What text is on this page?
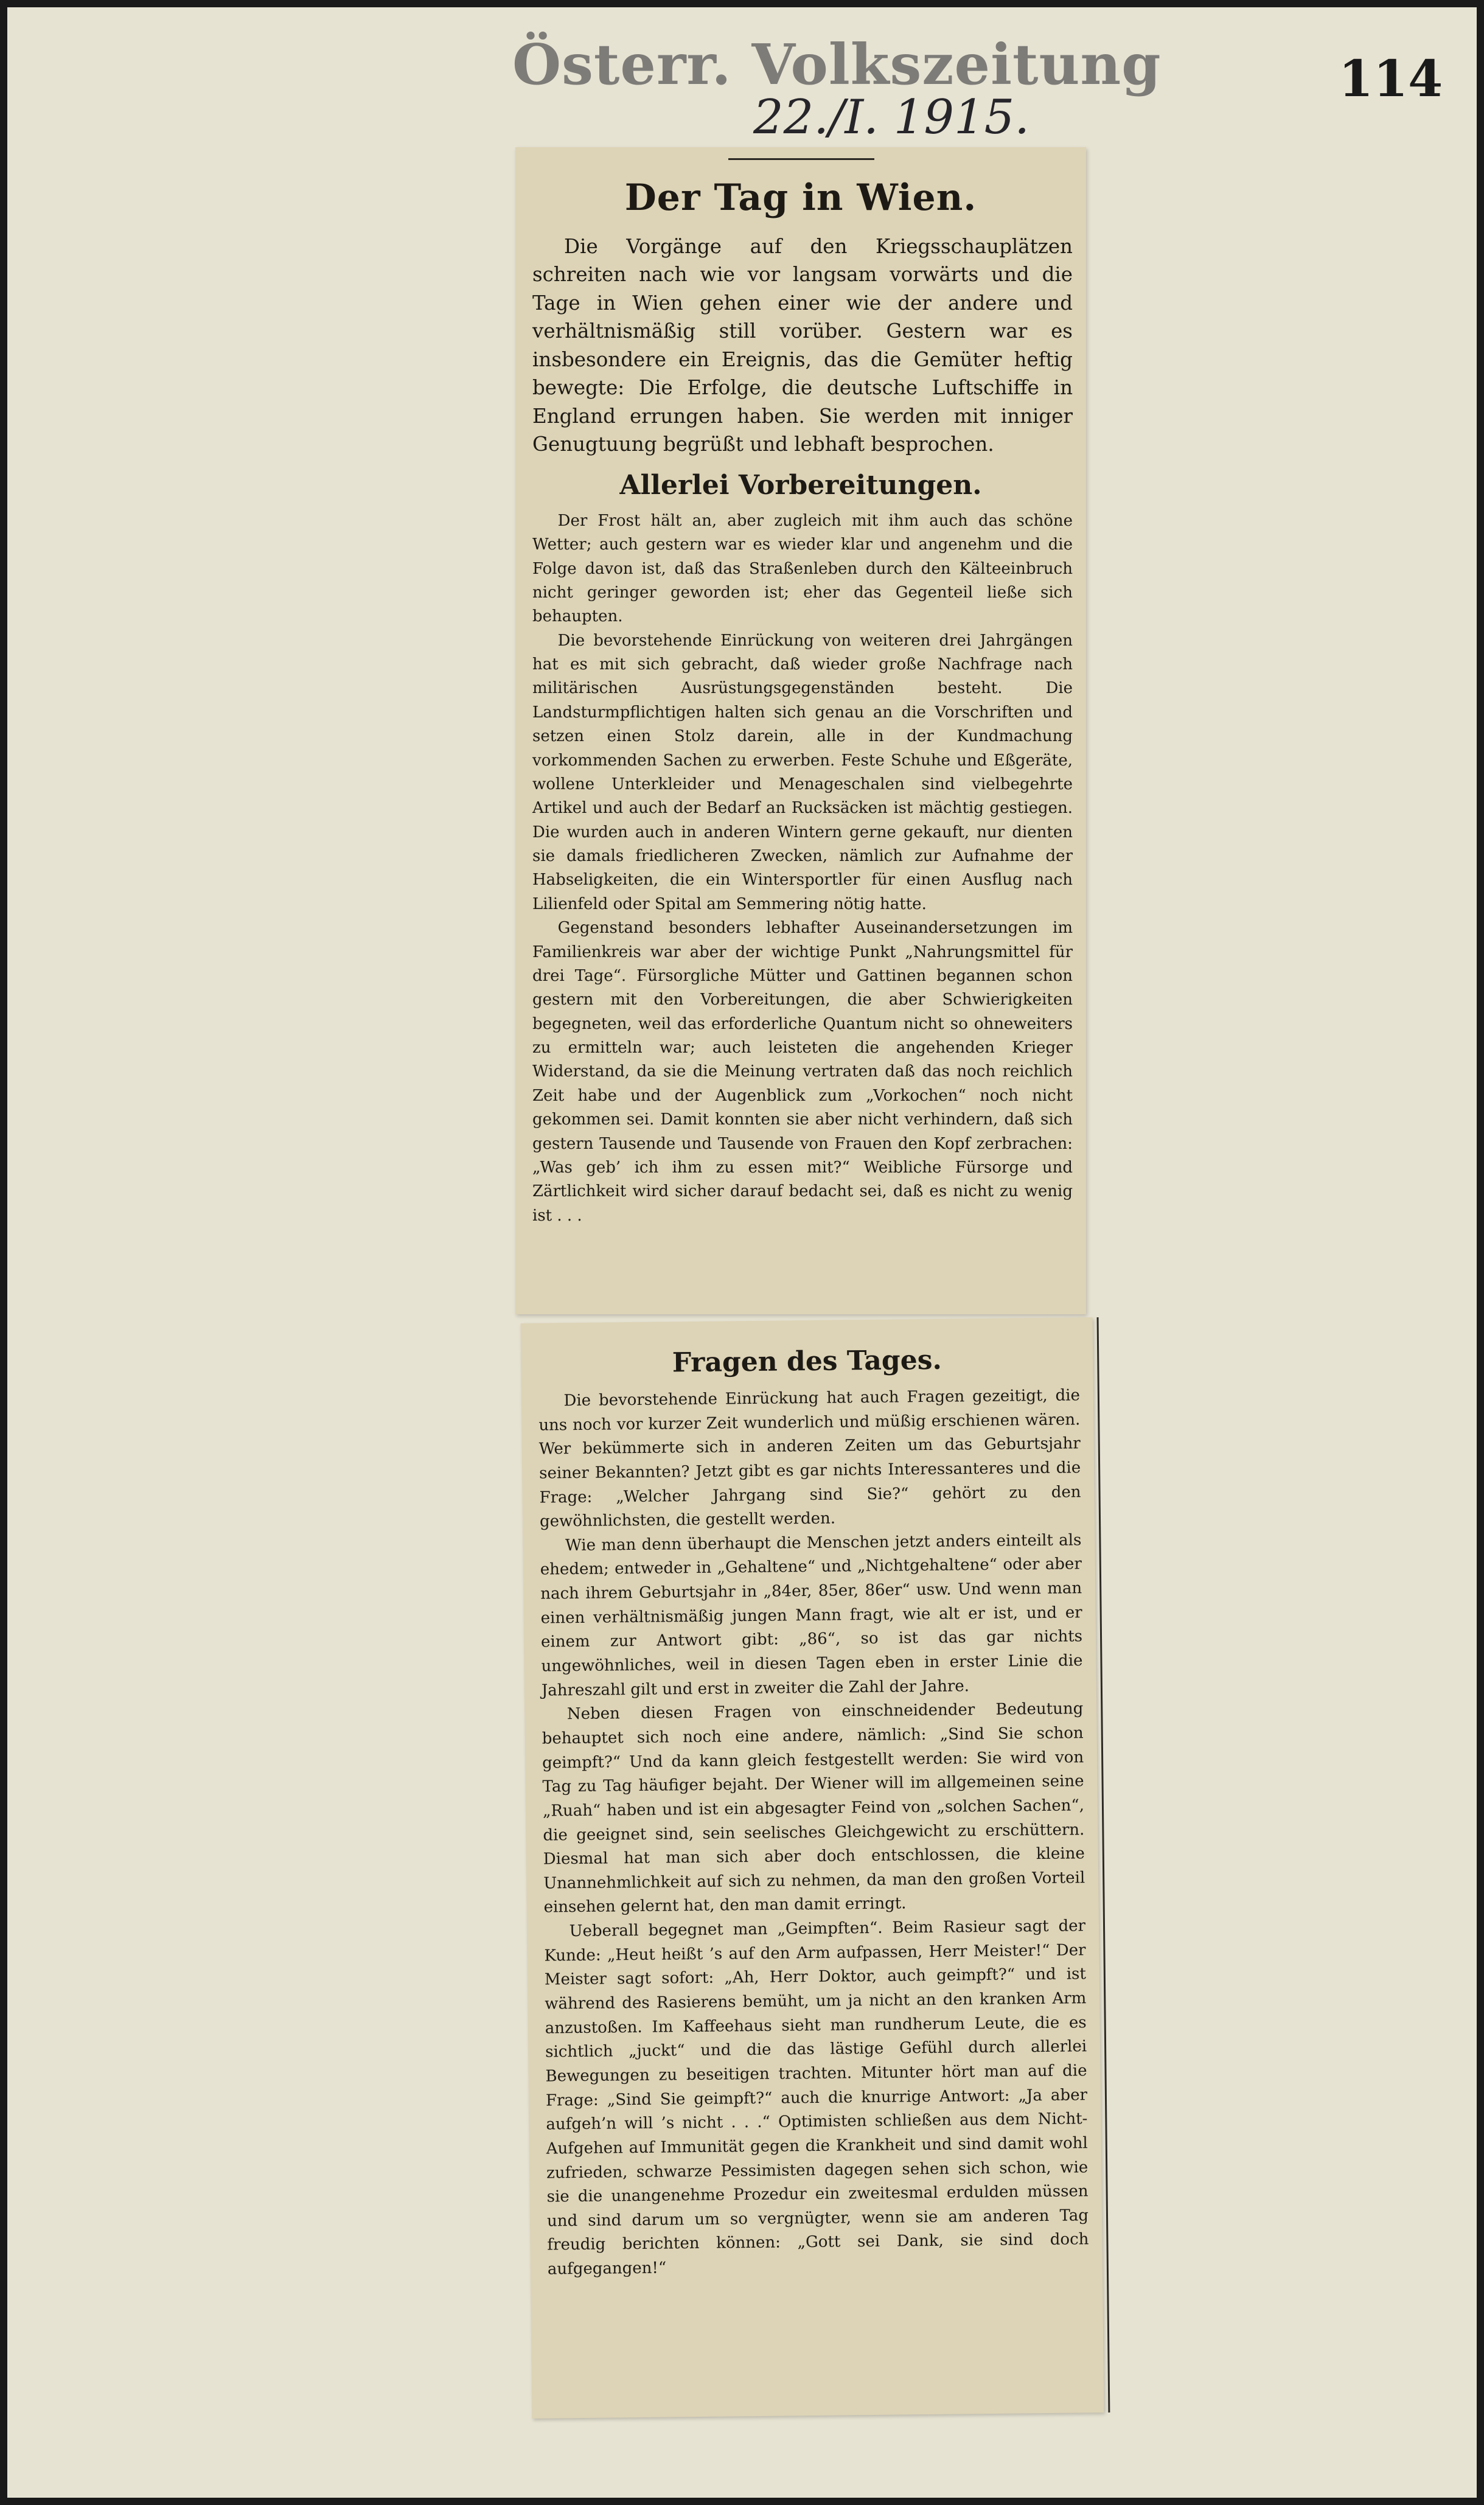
Österr. Volkszeitung
22./I. 1915.
114
Der Tag in Wien.

Die Vorgänge auf den Kriegsschauplätzen schreiten nach wie vor langsam vorwärts und die Tage in Wien gehen einer wie der andere und verhältnismäßig still vorüber. Gestern war es insbesondere ein Ereignis, das die Gemüter heftig bewegte: Die Erfolge, die deutsche Luftschiffe in England errungen haben. Sie werden mit inniger Genugtuung begrüßt und lebhaft besprochen.

Allerlei Vorbereitungen.

Der Frost hält an, aber zugleich mit ihm auch das schöne Wetter; auch gestern war es wieder klar und angenehm und die Folge davon ist, daß das Straßenleben durch den Kälteeinbruch nicht geringer geworden ist; eher das Gegenteil ließe sich behaupten.

Die bevorstehende Einrückung von weiteren drei Jahrgängen hat es mit sich gebracht, daß wieder große Nachfrage nach militärischen Ausrüstungsgegenständen besteht. Die Landsturmpflichtigen halten sich genau an die Vorschriften und setzen einen Stolz darein, alle in der Kundmachung vorkommenden Sachen zu erwerben. Feste Schuhe und Eßgeräte, wollene Unterkleider und Menageschalen sind vielbegehrte Artikel und auch der Bedarf an Rucksäcken ist mächtig gestiegen. Die wurden auch in anderen Wintern gerne gekauft, nur dienten sie damals friedlicheren Zwecken, nämlich zur Aufnahme der Habseligkeiten, die ein Wintersportler für einen Ausflug nach Lilienfeld oder Spital am Semmering nötig hatte.

Gegenstand besonders lebhafter Auseinandersetzungen im Familienkreis war aber der wichtige Punkt „Nahrungsmittel für drei Tage“. Fürsorgliche Mütter und Gattinen begannen schon gestern mit den Vorbereitungen, die aber Schwierigkeiten begegneten, weil das erforderliche Quantum nicht so ohneweiters zu ermitteln war; auch leisteten die angehenden Krieger Widerstand, da sie die Meinung vertraten daß das noch reichlich Zeit habe und der Augenblick zum „Vorkochen“ noch nicht gekommen sei. Damit konnten sie aber nicht verhindern, daß sich gestern Tausende und Tausende von Frauen den Kopf zerbrachen: „Was geb’ ich ihm zu essen mit?“ Weibliche Fürsorge und Zärtlichkeit wird sicher darauf bedacht sei, daß es nicht zu wenig ist . . .

Fragen des Tages.

Die bevorstehende Einrückung hat auch Fragen gezeitigt, die uns noch vor kurzer Zeit wunderlich und müßig erschienen wären. Wer bekümmerte sich in anderen Zeiten um das Geburtsjahr seiner Bekannten? Jetzt gibt es gar nichts Interessanteres und die Frage: „Welcher Jahrgang sind Sie?“ gehört zu den gewöhnlichsten, die gestellt werden.

Wie man denn überhaupt die Menschen jetzt anders einteilt als ehedem; entweder in „Gehaltene“ und „Nichtgehaltene“ oder aber nach ihrem Geburtsjahr in „84er, 85er, 86er“ usw. Und wenn man einen verhältnismäßig jungen Mann fragt, wie alt er ist, und er einem zur Antwort gibt: „86“, so ist das gar nichts ungewöhnliches, weil in diesen Tagen eben in erster Linie die Jahreszahl gilt und erst in zweiter die Zahl der Jahre.

Neben diesen Fragen von einschneidender Bedeutung behauptet sich noch eine andere, nämlich: „Sind Sie schon geimpft?“ Und da kann gleich festgestellt werden: Sie wird von Tag zu Tag häufiger bejaht. Der Wiener will im allgemeinen seine „Ruah“ haben und ist ein abgesagter Feind von „solchen Sachen“, die geeignet sind, sein seelisches Gleichgewicht zu erschüttern. Diesmal hat man sich aber doch entschlossen, die kleine Unannehmlichkeit auf sich zu nehmen, da man den großen Vorteil einsehen gelernt hat, den man damit erringt.

Ueberall begegnet man „Geimpften“. Beim Rasieur sagt der Kunde: „Heut heißt ’s auf den Arm aufpassen, Herr Meister!“ Der Meister sagt sofort: „Ah, Herr Doktor, auch geimpft?“ und ist während des Rasierens bemüht, um ja nicht an den kranken Arm anzustoßen. Im Kaffeehaus sieht man rundherum Leute, die es sichtlich „juckt“ und die das lästige Gefühl durch allerlei Bewegungen zu beseitigen trachten. Mitunter hört man auf die Frage: „Sind Sie geimpft?“ auch die knurrige Antwort: „Ja aber aufgeh’n will ’s nicht . . .“ Optimisten schließen aus dem Nicht-Aufgehen auf Immunität gegen die Krankheit und sind damit wohl zufrieden, schwarze Pessimisten dagegen sehen sich schon, wie sie die unangenehme Prozedur ein zweitesmal erdulden müssen und sind darum um so vergnügter, wenn sie am anderen Tag freudig berichten können: „Gott sei Dank, sie sind doch aufgegangen!“
